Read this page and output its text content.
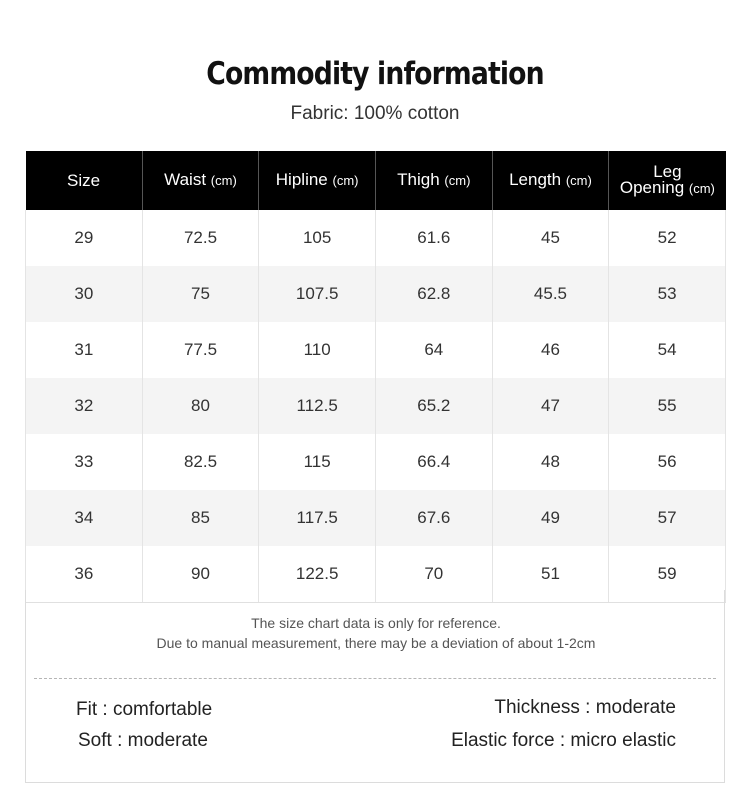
Commodity information
Fabric: 100% cotton
Size	Waist (cm)	Hipline (cm)	Thigh (cm)	Length (cm)	Leg
Opening (cm)
29	72.5	105	61.6	45	52
30	75	107.5	62.8	45.5	53
31	77.5	110	64	46	54
32	80	112.5	65.2	47	55
33	82.5	115	66.4	48	56
34	85	117.5	67.6	49	57
36	90	122.5	70	51	59
The size chart data is only for reference.
Due to manual measurement, there may be a deviation of about 1-2cm
Fit : comfortable
Soft : moderate
Thickness : moderate
Elastic force : micro elastic
